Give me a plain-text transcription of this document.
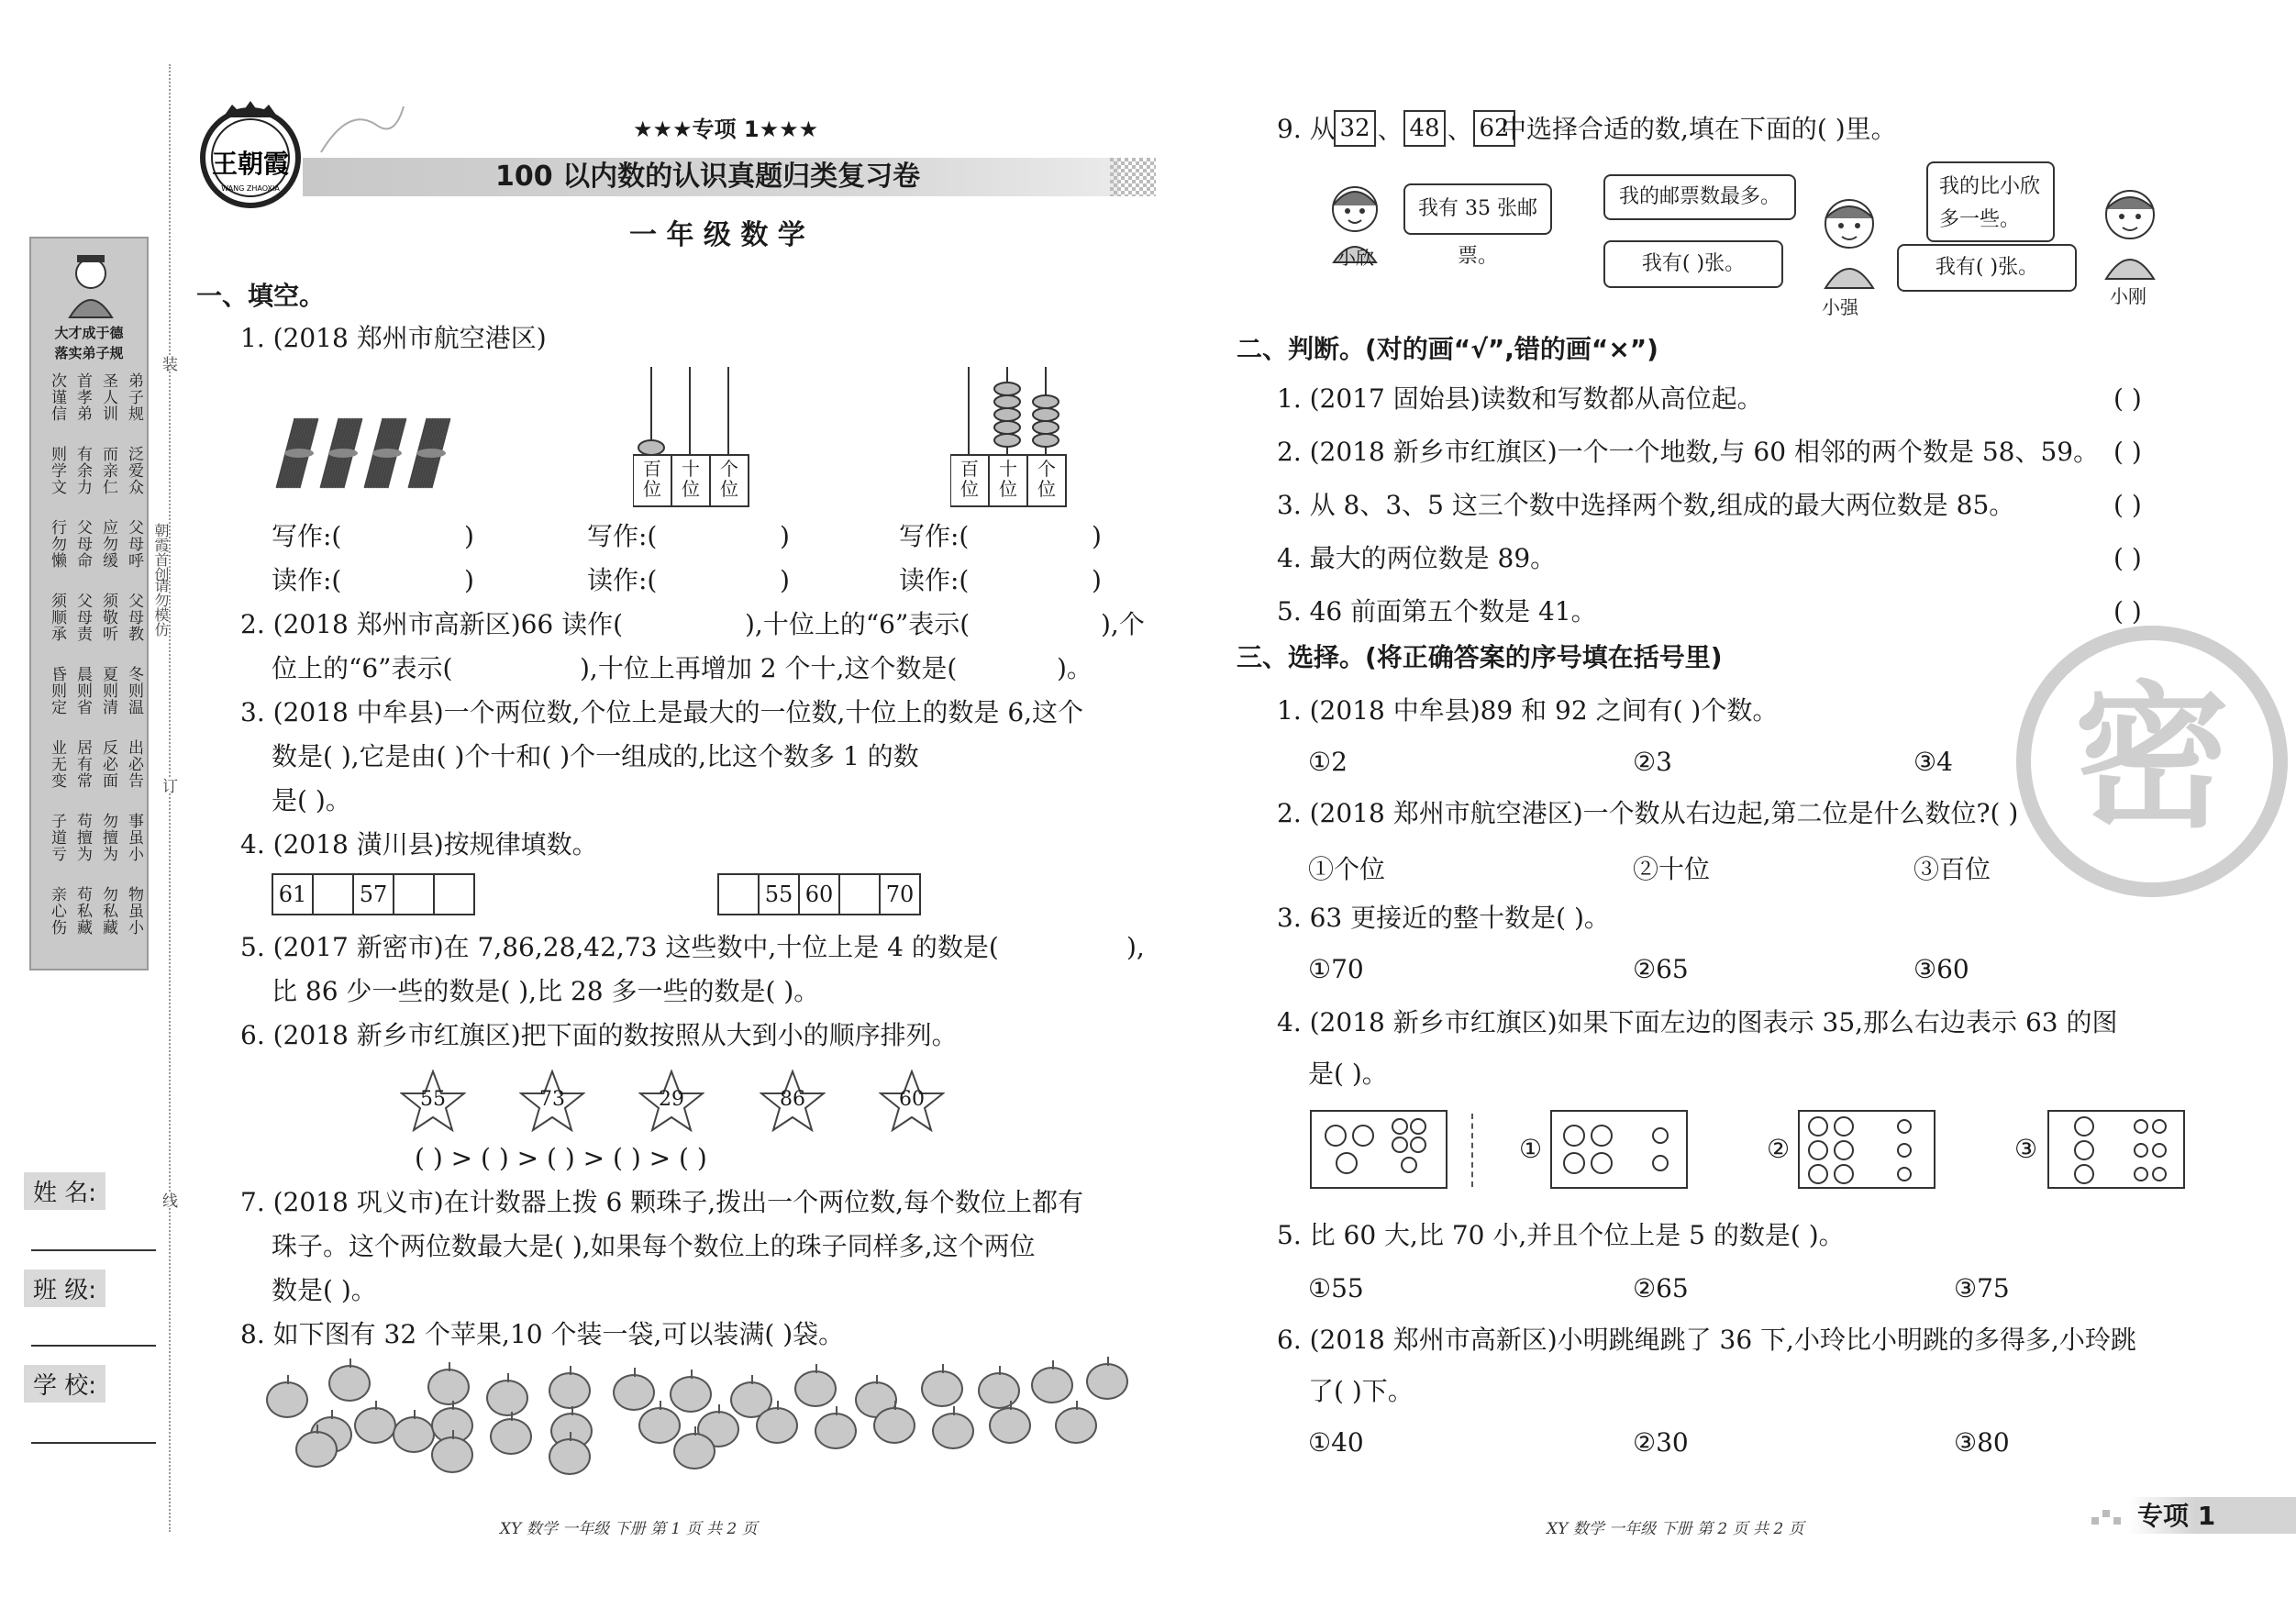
装
订
线
朝霞首创
请勿模仿
大才成于德
落实弟子规
弟子规
圣人训
首孝弟
次谨信
泛爱众
而亲仁
有余力
则学文
父母呼
应勿缓
父母命
行勿懒
父母教
须敬听
父母责
须顺承
冬则温
夏则清
晨则省
昏则定
出必告
反必面
居有常
业无变
事虽小
勿擅为
苟擅为
子道亏
物虽小
勿私藏
苟私藏
亲心伤
姓 名:
班 级:
学 校:
王朝霞
WANG ZHAOXIA
★★★专项 1★★★
100 以内数的认识真题归类复习卷
一 年 级 数 学
一、填空。
1. (2018 郑州市航空港区)
百位
十位
个位
百位
十位
个位
写作:(	)	写作:(	)	写作:(	)
读作:(	)	读作:(	)	读作:(	)
2. (2018 郑州市高新区)66 读作(	),十位上的“6”表示(	),个
位上的“6”表示(	),十位上再增加 2 个十,这个数是(	)。
3. (2018 中牟县)一个两位数,个位上是最大的一位数,十位上的数是 6,这个
数是( ),它是由( )个十和( )个一组成的,比这个数多 1 的数
是( )。
4. (2018 潢川县)按规律填数。
61	57	55 60	70
5. (2017 新密市)在 7,86,28,42,73 这些数中,十位上是 4 的数是(	),
比 86 少一些的数是( ),比 28 多一些的数是( )。
6. (2018 新乡市红旗区)把下面的数按照从大到小的顺序排列。
55	73	29	86	60
( ) > ( ) > ( ) > ( ) > ( )
7. (2018 巩义市)在计数器上拨 6 颗珠子,拨出一个两位数,每个数位上都有
珠子。这个两位数最大是( ),如果每个数位上的珠子同样多,这个两位
数是( )。
8. 如下图有 32 个苹果,10 个装一袋,可以装满( )袋。
XY 数学 一年级 下册 第 1 页 共 2 页
9. 从 32 、 48 、 62
中选择合适的数,填在下面的( )里。
小欣
我有 35 张邮票。
我的邮票数最多。
我有( )张。
小强
我的比小欣多一些。
我有( )张。
小刚
二、判断。(对的画“√”,错的画“×”)
1. (2017 固始县)读数和写数都从高位起。	( )
2. (2018 新乡市红旗区)一个一个地数,与 60 相邻的两个数是 58、59。 ( )
3. 从 8、3、5 这三个数中选择两个数,组成的最大两位数是 85。	( )
4. 最大的两位数是 89。	( )
5. 46 前面第五个数是 41。	( )
密
三、选择。(将正确答案的序号填在括号里)
1. (2018 中牟县)89 和 92 之间有( )个数。
①2	②3	③4
2. (2018 郑州市航空港区)一个数从右边起,第二位是什么数位?( )
①个位	②十位	③百位
3. 63 更接近的整十数是( )。
①70	②65	③60
4. (2018 新乡市红旗区)如果下面左边的图表示 35,那么右边表示 63 的图
是( )。
①	②	③
5. 比 60 大,比 70 小,并且个位上是 5 的数是( )。
①55	②65	③75
6. (2018 郑州市高新区)小明跳绳跳了 36 下,小玲比小明跳的多得多,小玲跳
了( )下。
①40	②30	③80
XY 数学 一年级 下册 第 2 页 共 2 页	专项 1
